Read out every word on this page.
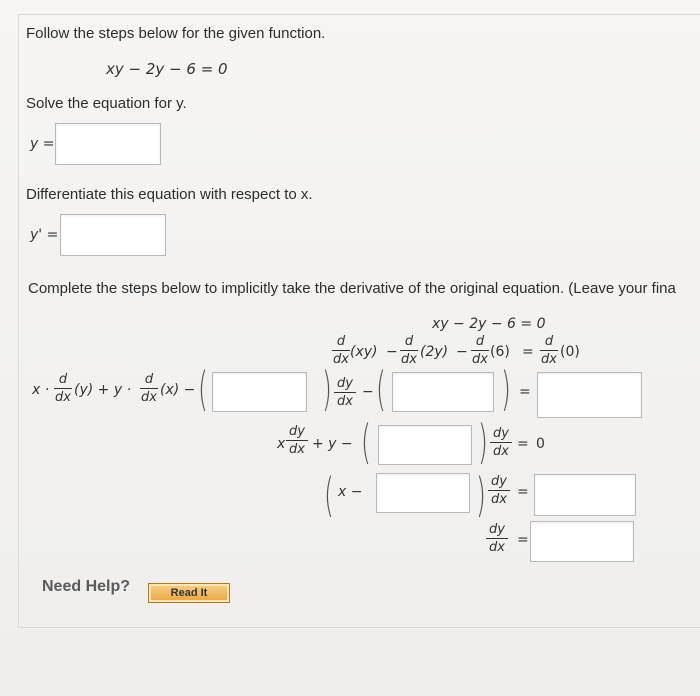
Follow the steps below for the given function.
xy − 2y − 6 = 0
Solve the equation for y.
y =
Differentiate this equation with respect to x.
y' =
Complete the steps below to implicitly take the derivative of the original equation. (Leave your fina
xy − 2y − 6 = 0
d
dx (xy) −
d
dx (2y) −
d
dx (6) =
d
dx (0)
x ·
d
dx (y) + y ·
d
dx (x) − ( ) dy
dx
− (	) =
x
dy
dx + y − ( ) dy
dx = 0
( x − ) dy
dx =
dy
dx =
Need Help?	Read It
